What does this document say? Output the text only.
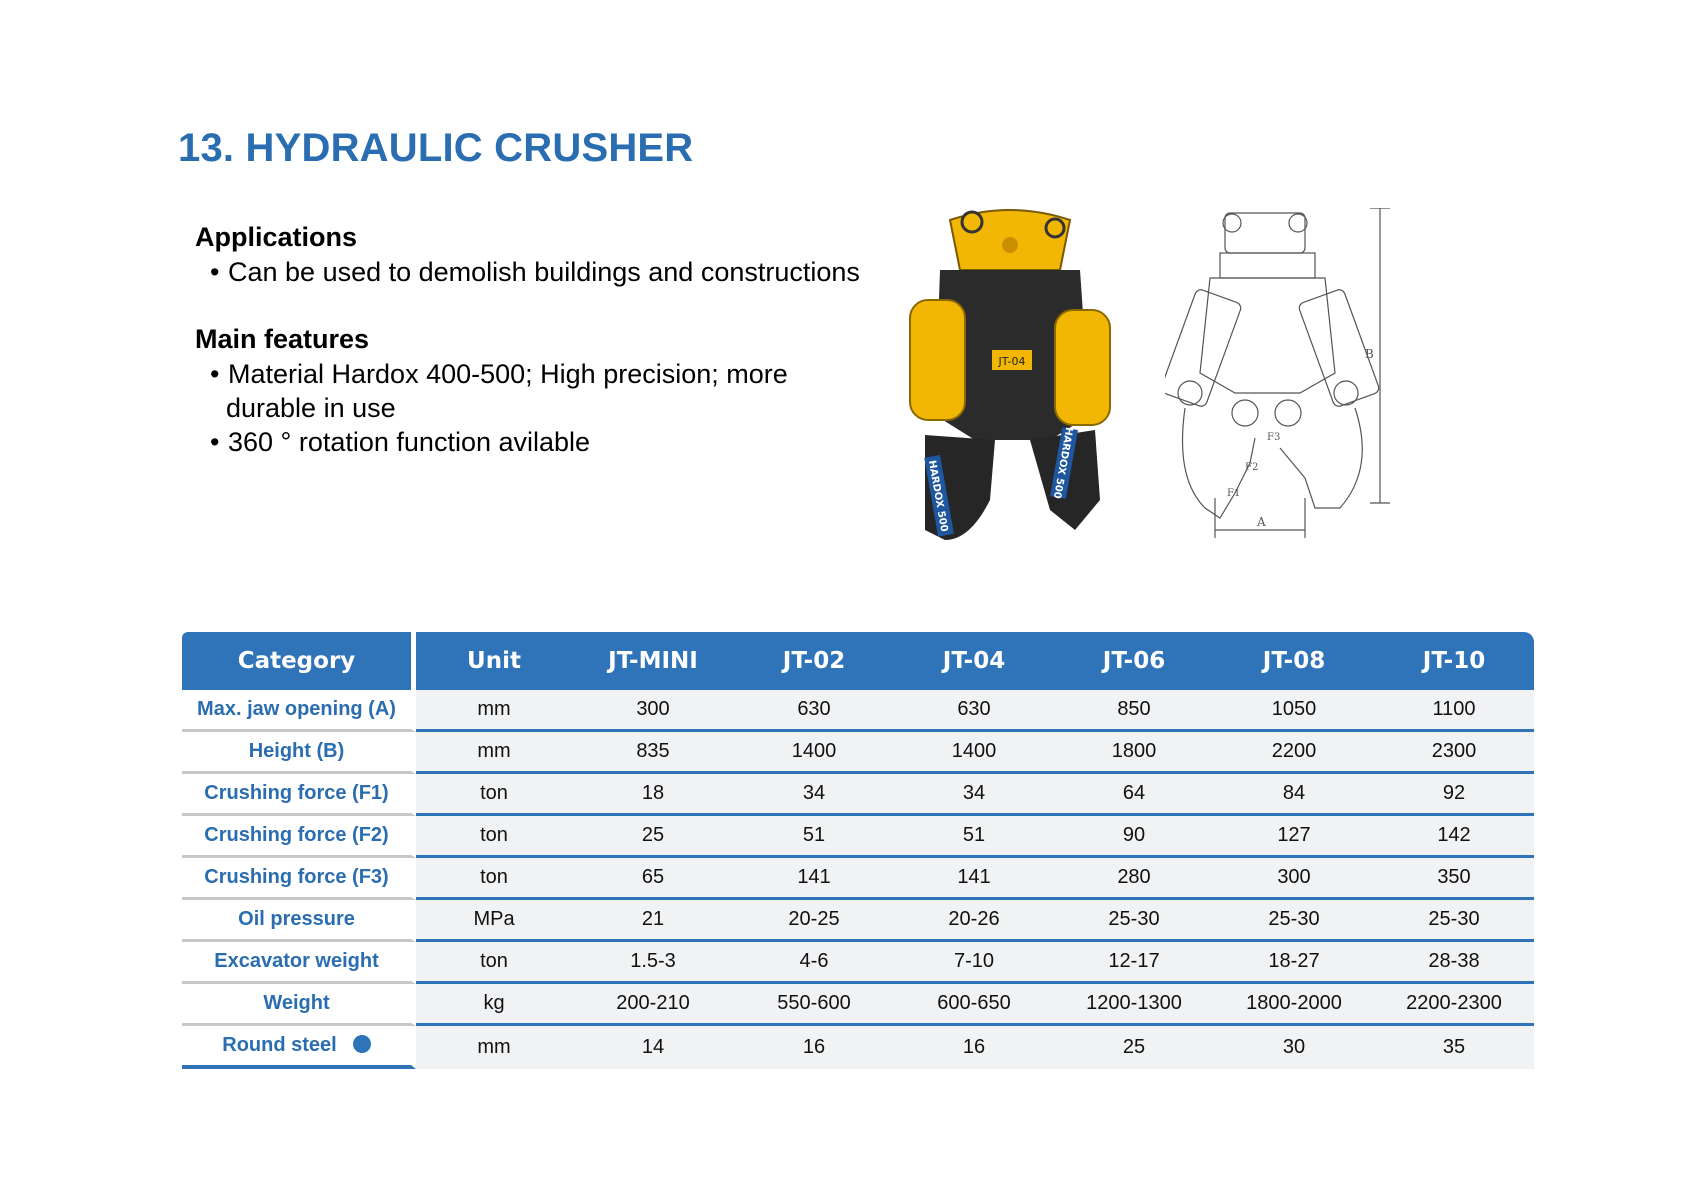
13. HYDRAULIC CRUSHER
Applications
• Can be used to demolish buildings and constructions
Main features
• Material Hardox 400-500; High precision; more
durable in use
• 360 ° rotation function avilable
JT-04
HARDOX 500	HARDOX 500
A
B
F1
F2
F3
Category	Unit	JT-MINI	JT-02	JT-04	JT-06	JT-08	JT-10
Max. jaw opening (A)	mm	300	630	630	850	1050	1100
Height (B)	mm	835	1400	1400	1800	2200	2300
Crushing force (F1)	ton	18	34	34	64	84	92
Crushing force (F2)	ton	25	51	51	90	127	142
Crushing force (F3)	ton	65	141	141	280	300	350
Oil pressure	MPa	21	20-25	20-26	25-30	25-30	25-30
Excavator weight	ton	1.5-3	4-6	7-10	12-17	18-27	28-38
Weight	kg	200-210	550-600	600-650	1200-1300	1800-2000	2200-2300
Round steel	mm	14	16	16	25	30	35
